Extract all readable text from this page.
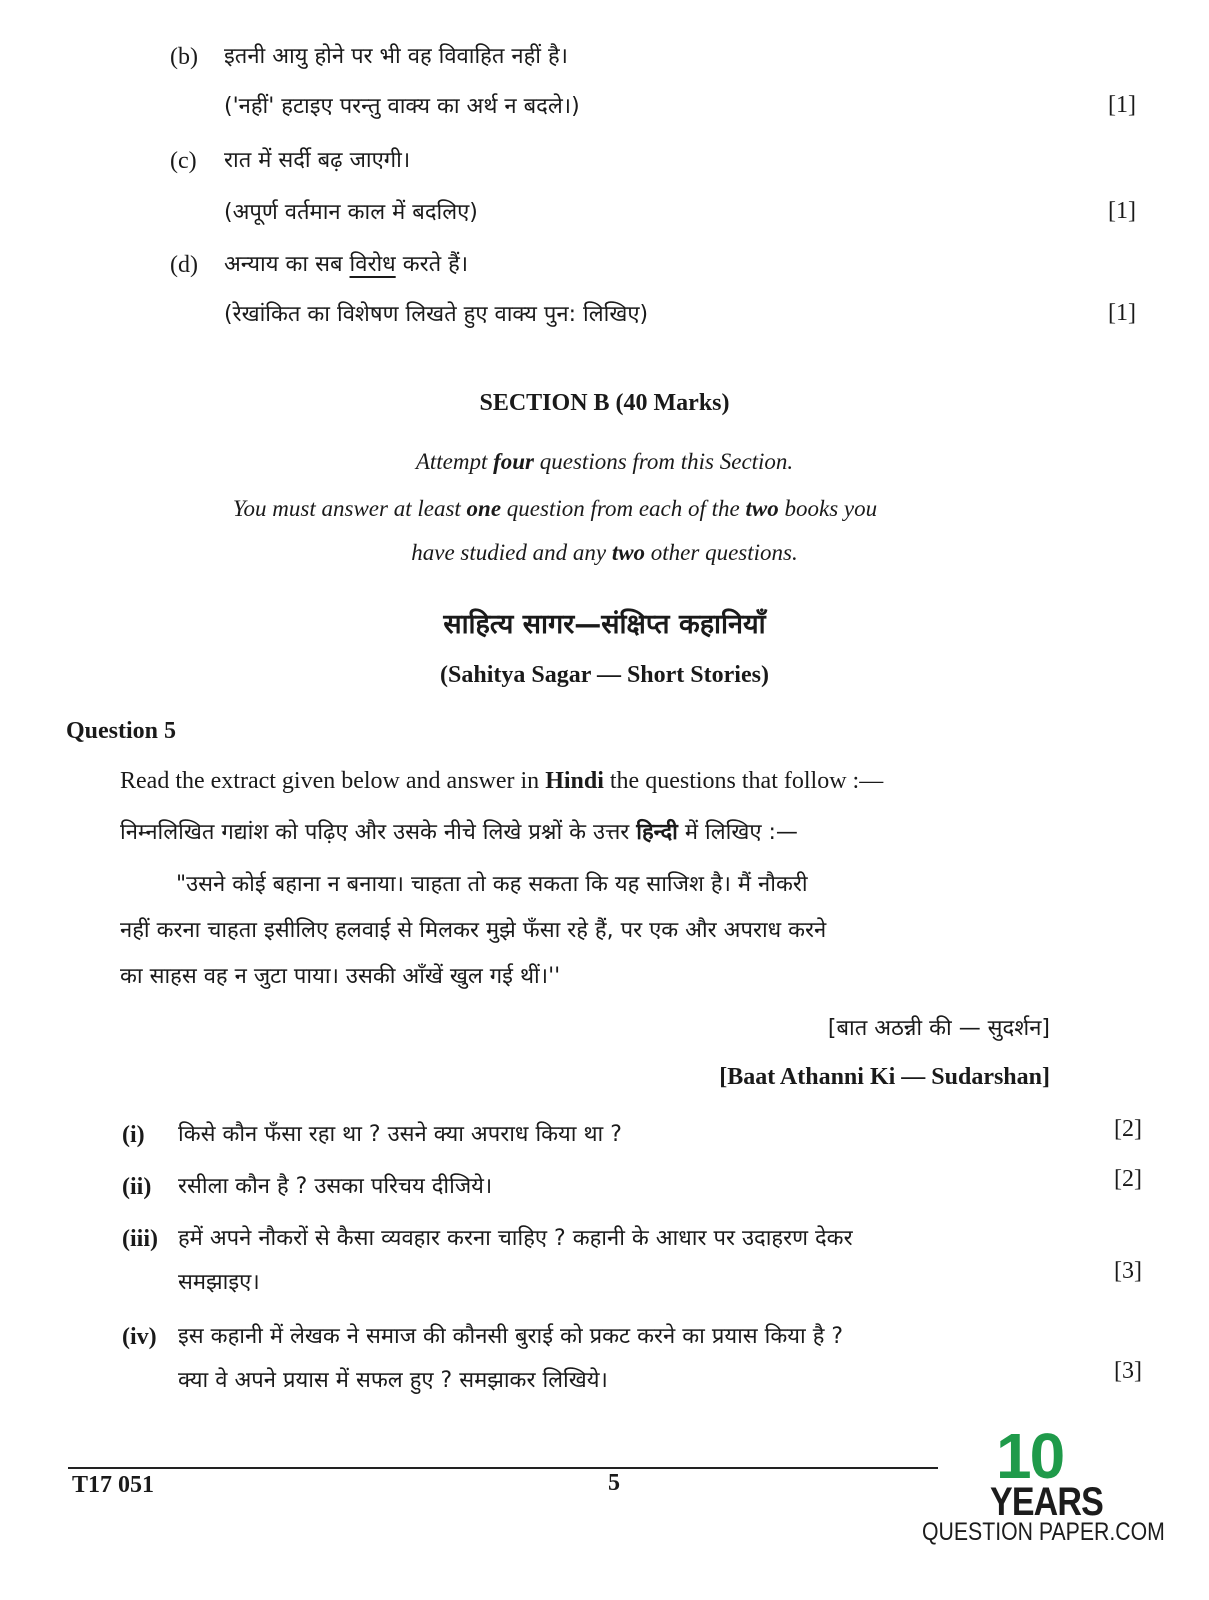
(b) इतनी आयु होने पर भी वह विवाहित नहीं है।
('नहीं' हटाइए परन्तु वाक्य का अर्थ न बदले।)	[1]
(c) रात में सर्दी बढ़ जाएगी।
(अपूर्ण वर्तमान काल में बदलिए)	[1]
(d) अन्याय का सब विरोध करते हैं।
(रेखांकित का विशेषण लिखते हुए वाक्य पुन: लिखिए)	[1]
SECTION B (40 Marks)
Attempt four questions from this Section.
You must answer at least one question from each of the two books you
have studied and any two other questions.
साहित्य सागर—संक्षिप्त कहानियाँ
(Sahitya Sagar — Short Stories)
Question 5
Read the extract given below and answer in Hindi the questions that follow :—
निम्नलिखित गद्यांश को पढ़िए और उसके नीचे लिखे प्रश्नों के उत्तर हिन्दी में लिखिए :—
"उसने कोई बहाना न बनाया। चाहता तो कह सकता कि यह साजिश है। मैं नौकरी
नहीं करना चाहता इसीलिए हलवाई से मिलकर मुझे फँसा रहे हैं, पर एक और अपराध करने
का साहस वह न जुटा पाया। उसकी आँखें खुल गई थीं।''
[बात अठन्नी की — सुदर्शन]
[Baat Athanni Ki — Sudarshan]
(i) किसे कौन फँसा रहा था ? उसने क्या अपराध किया था ?	[2]
(ii) रसीला कौन है ? उसका परिचय दीजिये।	[2]
(iii) हमें अपने नौकरों से कैसा व्यवहार करना चाहिए ? कहानी के आधार पर उदाहरण देकर
समझाइए।	[3]
(iv) इस कहानी में लेखक ने समाज की कौनसी बुराई को प्रकट करने का प्रयास किया है ?
क्या वे अपने प्रयास में सफल हुए ? समझाकर लिखिये।	[3]
T17 051	5	10
YEARS
QUESTION PAPER.COM
